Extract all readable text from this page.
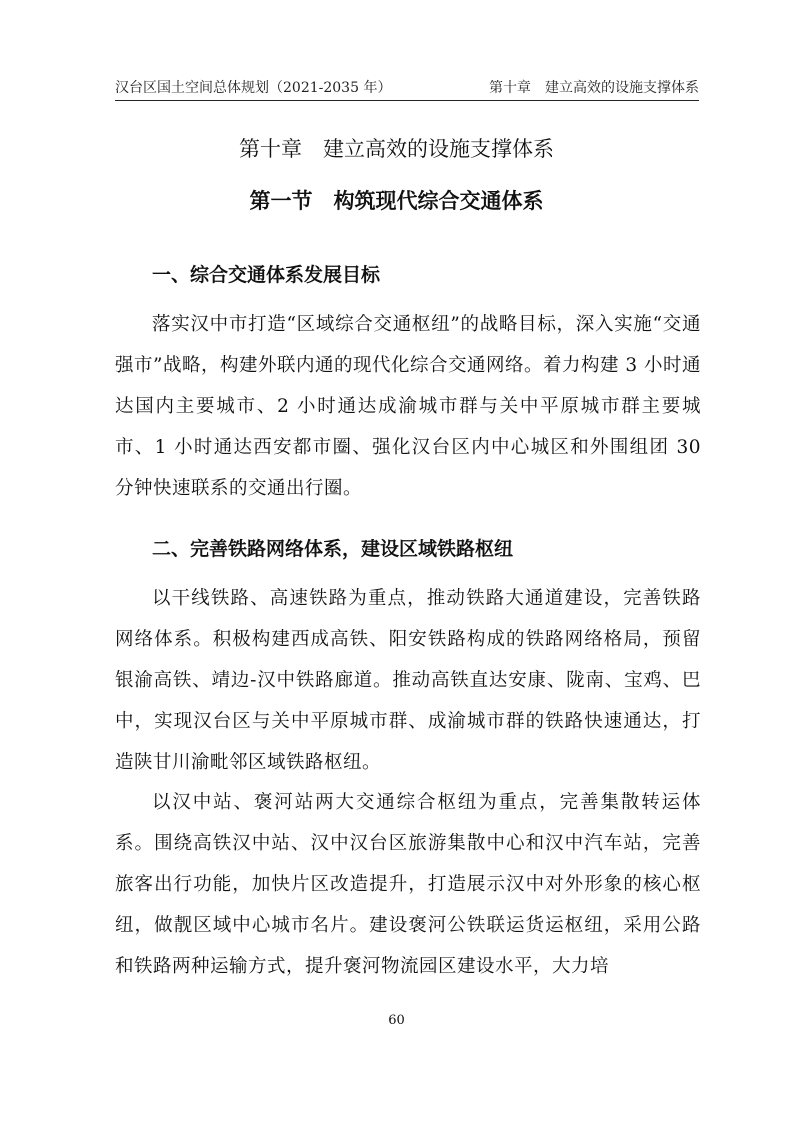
汉台区国土空间总体规划（2021-2035 年）	第十章　建立高效的设施支撑体系
第十章　建立高效的设施支撑体系
第一节　构筑现代综合交通体系
一、综合交通体系发展目标

落实汉中市打造“区域综合交通枢纽”的战略目标，深入实施“交通强市”战略，构建外联内通的现代化综合交通网络。着力构建 3 小时通达国内主要城市、2 小时通达成渝城市群与关中平原城市群主要城市、1 小时通达西安都市圈、强化汉台区内中心城区和外围组团 30 分钟快速联系的交通出行圈。

二、完善铁路网络体系，建设区域铁路枢纽

以干线铁路、高速铁路为重点，推动铁路大通道建设，完善铁路网络体系。积极构建西成高铁、阳安铁路构成的铁路网络格局，预留银渝高铁、靖边-汉中铁路廊道。推动高铁直达安康、陇南、宝鸡、巴中，实现汉台区与关中平原城市群、成渝城市群的铁路快速通达，打造陕甘川渝毗邻区域铁路枢纽。

以汉中站、褒河站两大交通综合枢纽为重点，完善集散转运体系。围绕高铁汉中站、汉中汉台区旅游集散中心和汉中汽车站，完善旅客出行功能，加快片区改造提升，打造展示汉中对外形象的核心枢纽，做靓区域中心城市名片。建设褒河公铁联运货运枢纽，采用公路和铁路两种运输方式，提升褒河物流园区建设水平，大力培

60
